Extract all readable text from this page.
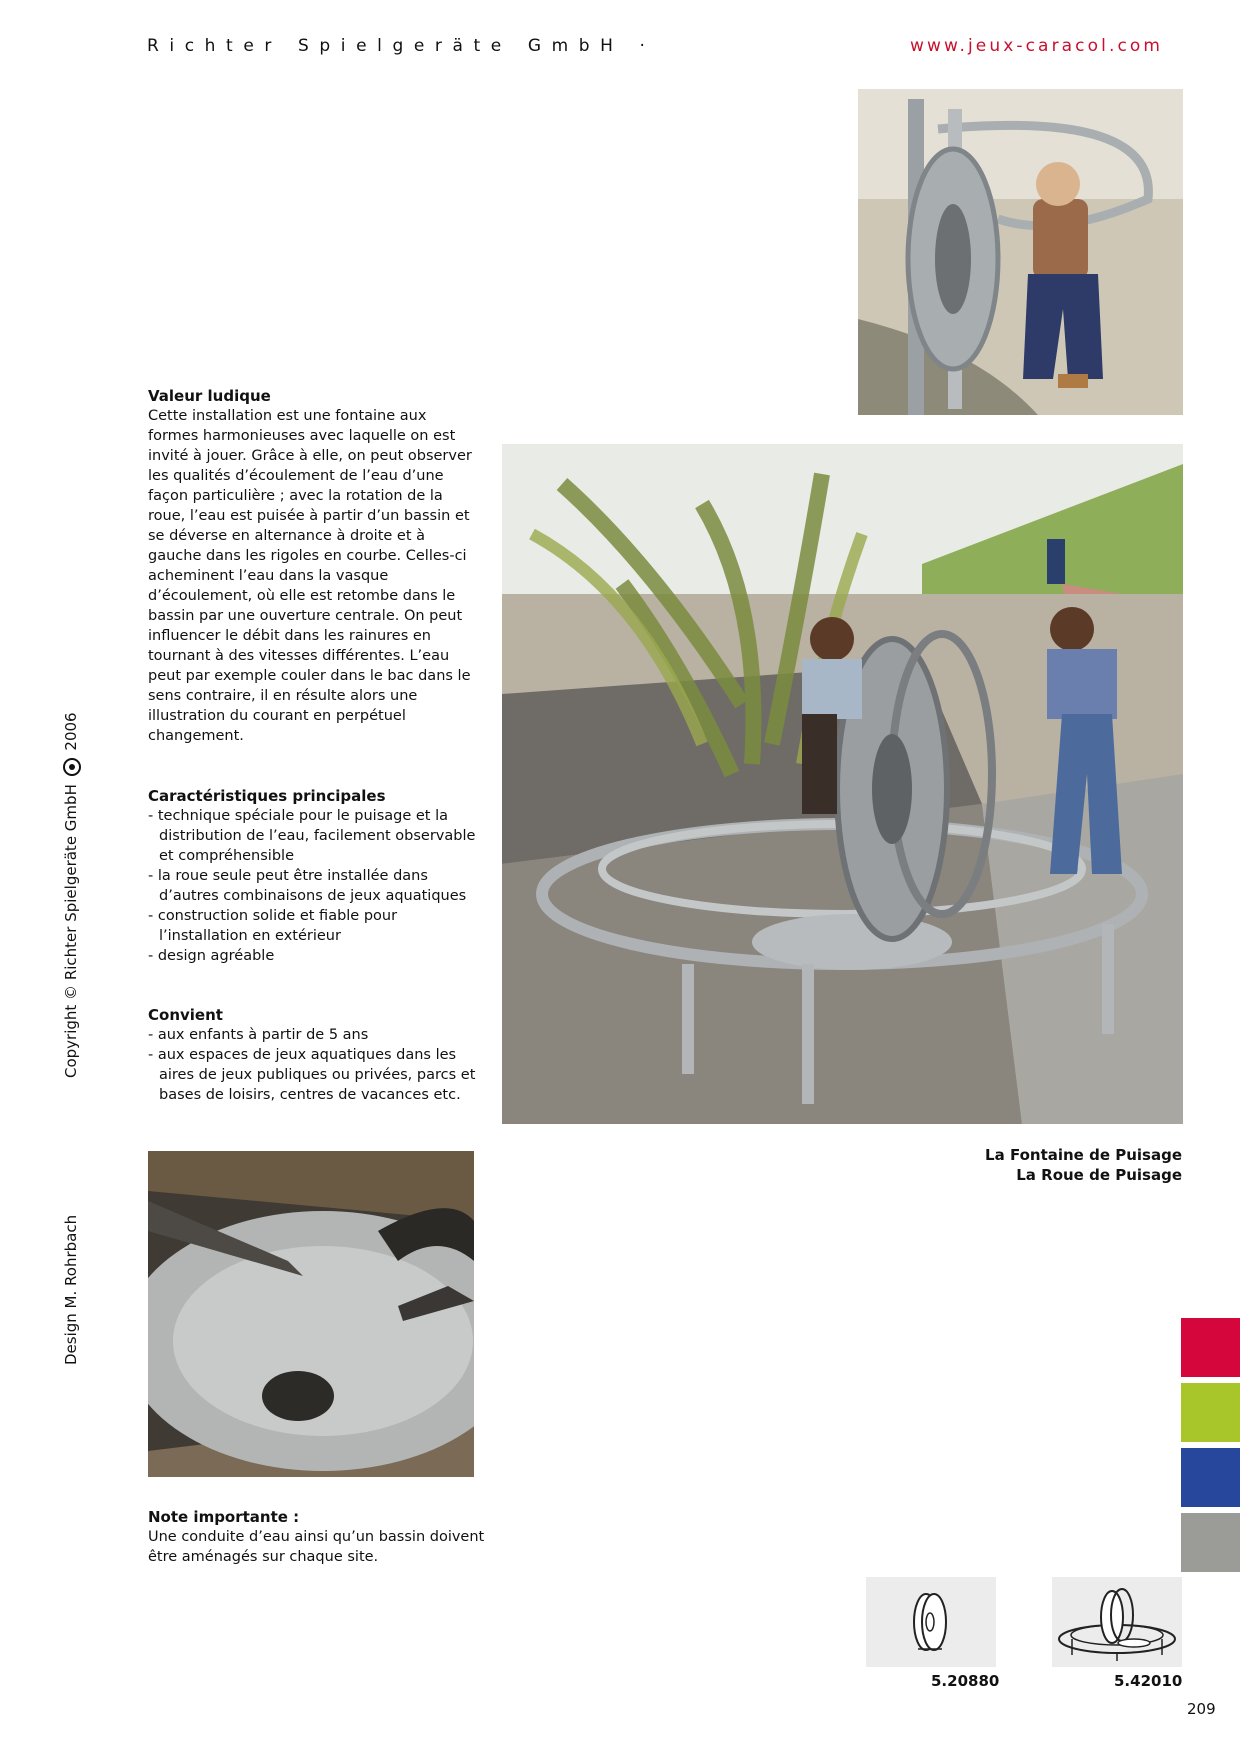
Richter Spielgeräte GmbH ·	www.jeux-caracol.com
Valeur ludique

Cette installation est une fontaine aux formes harmonieuses avec laquelle on est invité à jouer. Grâce à elle, on peut observer les qualités d’écoulement de l’eau d’une façon particulière ; avec la rotation de la roue, l’eau est puisée à partir d’un bassin et se déverse en alternance à droite et à gauche dans les rigoles en courbe. Celles-ci acheminent l’eau dans la vasque d’écoulement, où elle est retombe dans le bassin par une ouverture centrale. On peut influencer le débit dans les rainures en tournant à des vitesses différentes. L’eau peut par exemple couler dans le bac dans le sens contraire, il en résulte alors une illustration du courant en perpétuel changement.

Caractéristiques principales
- technique spéciale pour le puisage et la distribution de l’eau, facilement observable et compréhensible
- la roue seule peut être installée dans d’autres combinaisons de jeux aquatiques
- construction solide et fiable pour l’installation en extérieur
- design agréable
Convient
- aux enfants à partir de 5 ans
- aux espaces de jeux aquatiques dans les aires de jeux publiques ou privées, parcs et bases de loisirs, centres de vacances etc.
Note importante :

Une conduite d’eau ainsi qu’un bassin doivent être aménagés sur chaque site.

Copyright © Richter Spielgeräte GmbH  2006
Design M. Rohrbach
La Fontaine de Puisage
La Roue de Puisage
5.20880	5.42010
209
